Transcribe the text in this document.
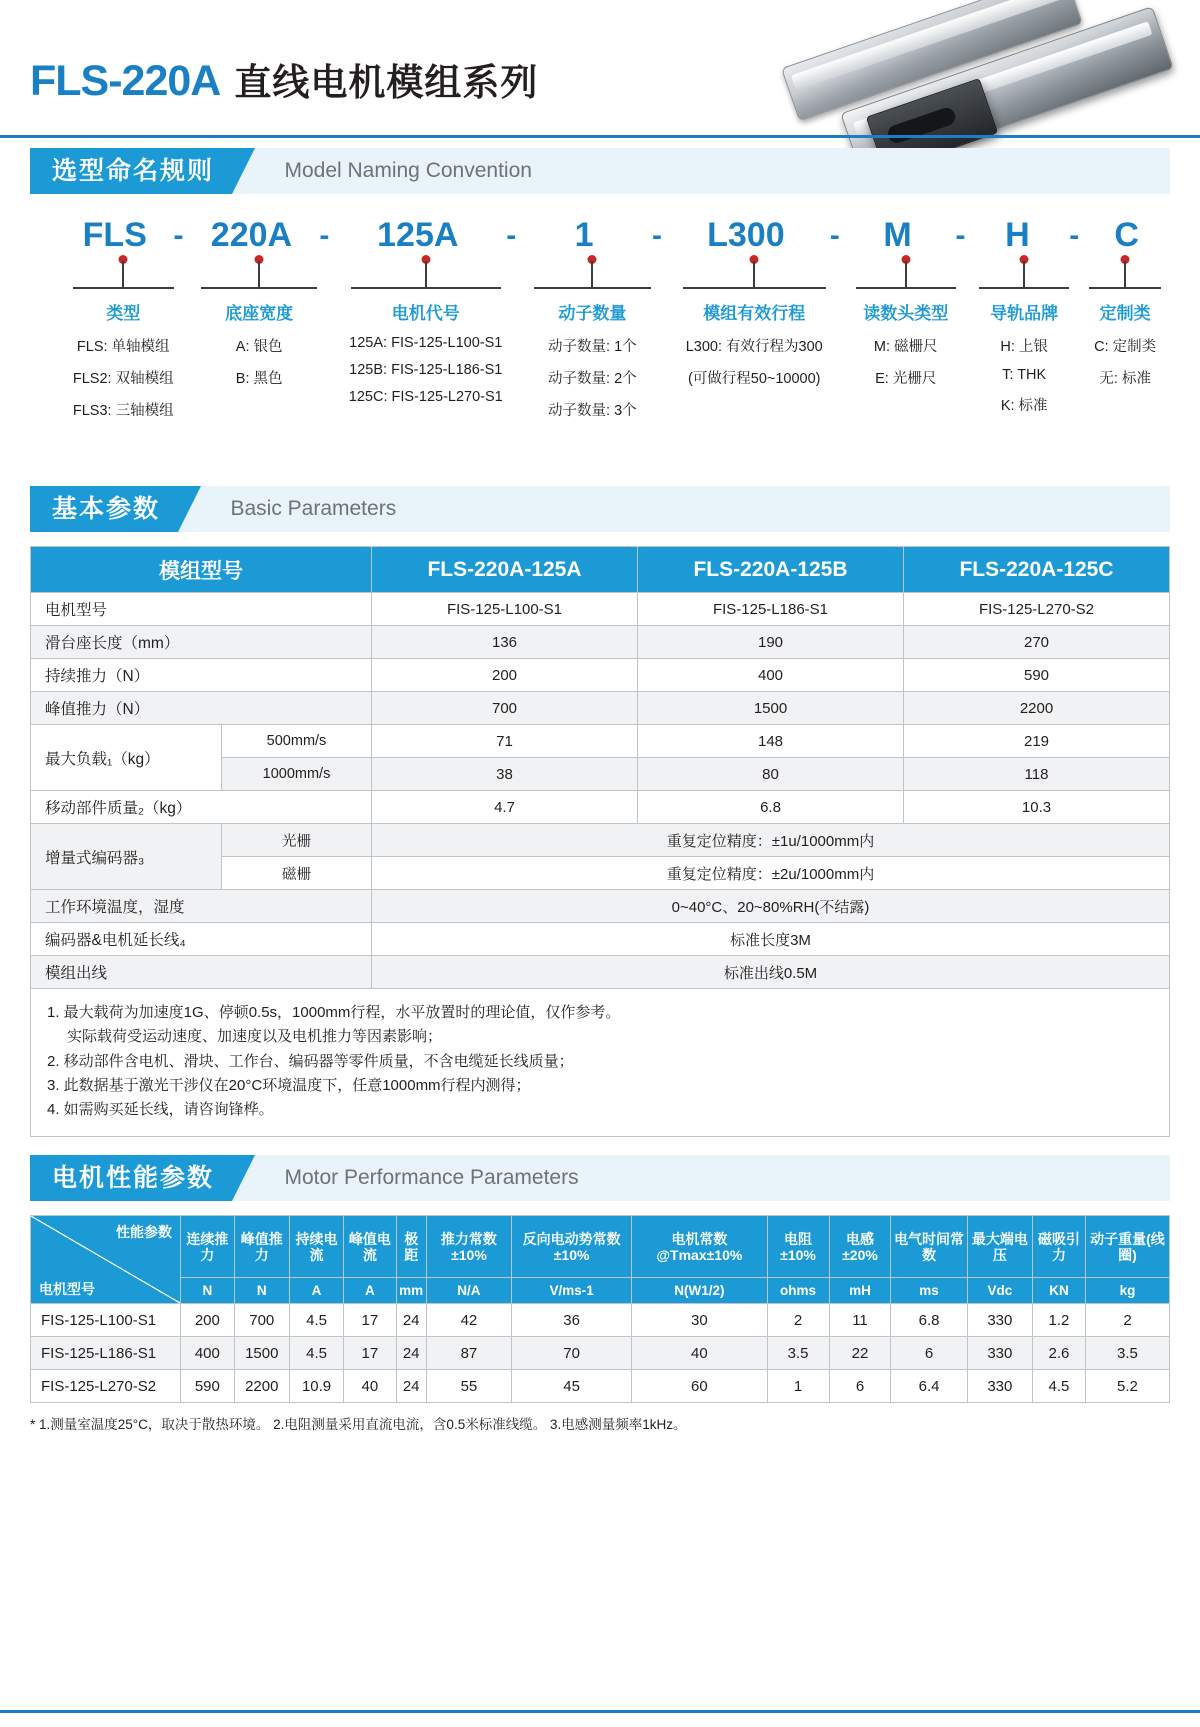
FLS-220A 直线电机模组系列
选型命名规则	Model Naming Convention
FLS - 220A -	125A	-	1	-	L300	-	M	-	H	-	C
类型
FLS: 单轴模组
FLS2: 双轴模组
FLS3: 三轴模组
底座宽度
A: 银色
B: 黑色
电机代号
125A: FIS-125-L100-S1
125B: FIS-125-L186-S1
125C: FIS-125-L270-S1
动子数量
动子数量: 1个
动子数量: 2个
动子数量: 3个
模组有效行程
L300: 有效行程为300
(可做行程50~10000)
读数头类型
M: 磁栅尺
E: 光栅尺
导轨品牌
H: 上银
T: THK
K: 标准
定制类
C: 定制类
无: 标准
基本参数	Basic Parameters
模组型号		FLS-220A-125A	FLS-220A-125B	FLS-220A-125C
电机型号		FIS-125-L100-S1	FIS-125-L186-S1	FIS-125-L270-S2
滑台座长度（mm）		136	190	270
持续推力（N）		200	400	590
峰值推力（N）		700	1500	2200
最大负载₁（kg）	500mm/s	71	148	219
	1000mm/s	38	80	118
移动部件质量₂（kg）		4.7	6.8	10.3
增量式编码器₃	光栅	重复定位精度：±1u/1000mm内		
	磁栅	重复定位精度：±2u/1000mm内		
工作环境温度，湿度		0~40°C、20~80%RH(不结露)		
编码器&电机延长线₄		标准长度3M		
模组出线		标准出线0.5M		
1. 最大载荷为加速度1G、停顿0.5s，1000mm行程，水平放置时的理论值，仅作参考。
实际载荷受运动速度、加速度以及电机推力等因素影响；
2. 移动部件含电机、滑块、工作台、编码器等零件质量，不含电缆延长线质量；
3. 此数据基于激光干涉仪在20°C环境温度下，任意1000mm行程内测得；
4. 如需购买延长线，请咨询锋桦。
电机性能参数	Motor Performance Parameters
性能参数
电机型号	连续推力	峰值推力	持续电流	峰值电流	极距	推力常数±10%	反向电动势常数±10%	电机常数@Tmax±10%	电阻±10%	电感±20%	电气时间常数	最大端电压	磁吸引力	动子重量(线圈)
	N	N	A	A	mm	N/A	V/ms-1	N(W1/2)	ohms	mH	ms	Vdc	KN	kg
FIS-125-L100-S1	200	700	4.5	17	24	42	36	30	2	11	6.8	330	1.2	2
FIS-125-L186-S1	400	1500	4.5	17	24	87	70	40	3.5	22	6	330	2.6	3.5
FIS-125-L270-S2	590	2200	10.9	40	24	55	45	60	1	6	6.4	330	4.5	5.2
* 1.测量室温度25°C，取决于散热环境。 2.电阻测量采用直流电流，含0.5米标准线缆。 3.电感测量频率1kHz。
